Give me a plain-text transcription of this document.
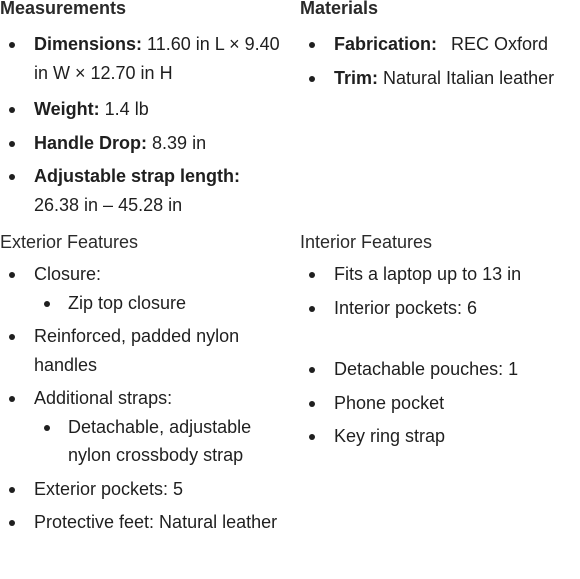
Measurements
Dimensions: 11.60 in L × 9.40 in W × 12.70 in H
Weight: 1.4 lb
Handle Drop: 8.39 in
Adjustable strap length:
26.38 in – 45.28 in
Materials
Fabrication: REC Oxford
Trim: Natural Italian leather

Exterior Features
Closure:
Zip top closure
Reinforced, padded nylon handles
Additional straps:
Detachable, adjustable nylon crossbody strap
Exterior pockets: 5
Protective feet: Natural leather
Interior Features
Fits a laptop up to 13 in
Interior pockets: 6

Detachable pouches: 1
Phone pocket
Key ring strap
